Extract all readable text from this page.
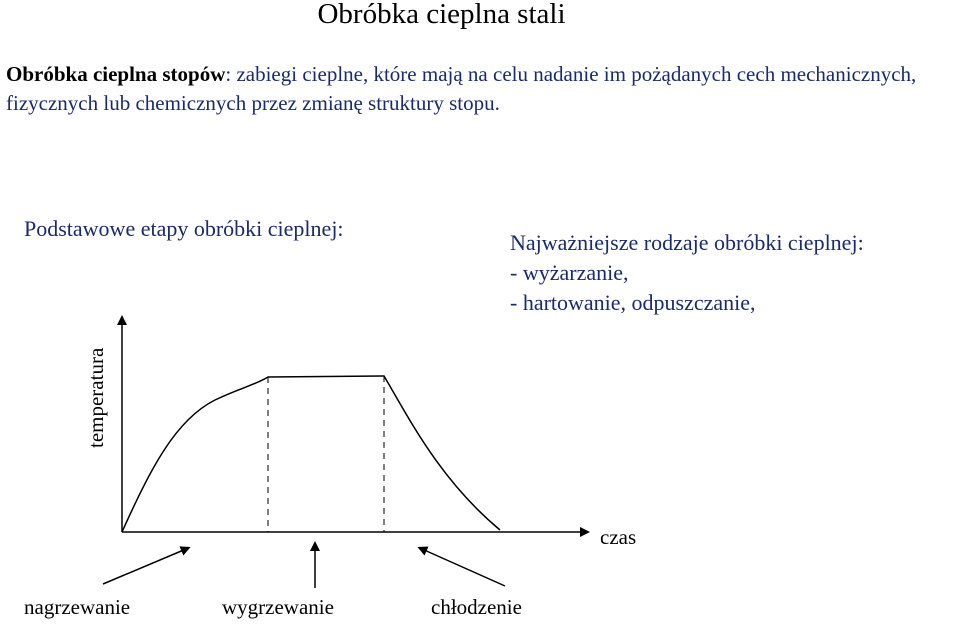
Obróbka cieplna stali
Obróbka cieplna stopów: zabiegi cieplne, które mają na celu nadanie im pożądanych cech mechanicznych, fizycznych lub chemicznych przez zmianę struktury stopu.
Podstawowe etapy obróbki cieplnej:
Najważniejsze rodzaje obróbki cieplnej:
- wyżarzanie,
- hartowanie, odpuszczanie,
temperatura
czas
nagrzewanie	wygrzewanie	chłodzenie
